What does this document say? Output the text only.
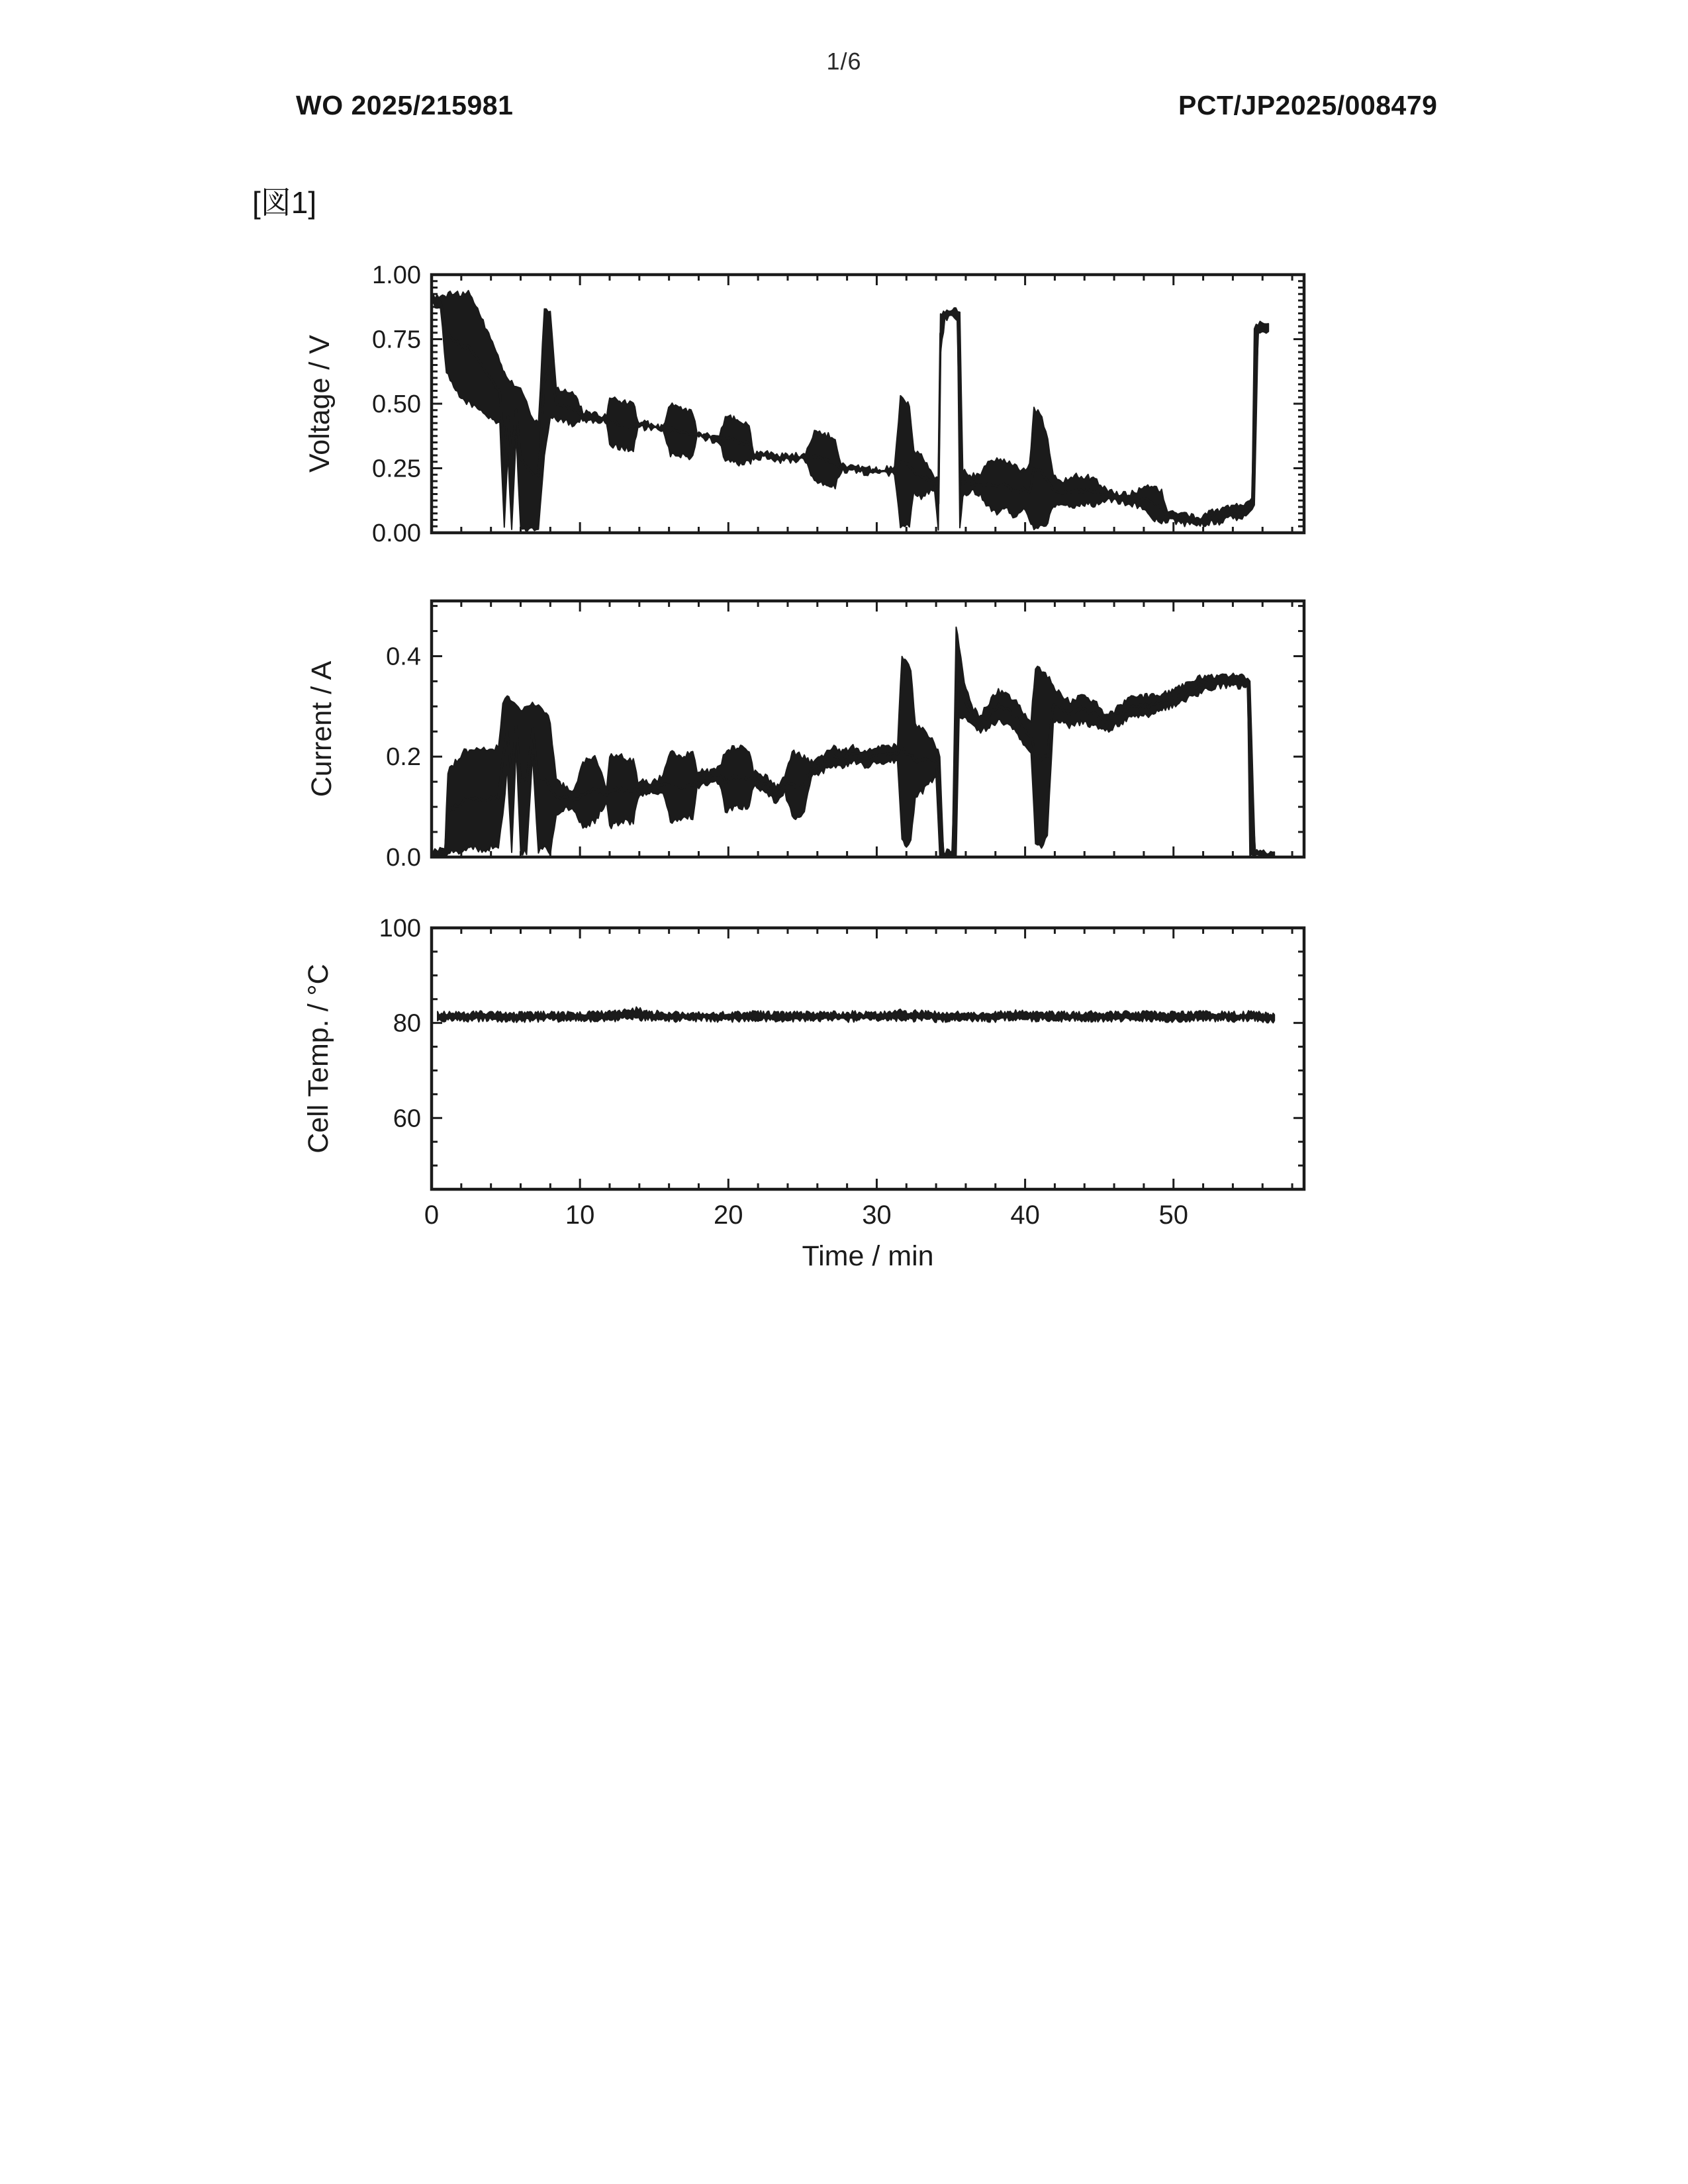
1/6
WO 2025/215981	PCT/JP2025/008479
[図1]
0.00
0.25
0.50
0.75
1.00
Voltage / V
0.0
0.2
0.4
Current / A
60
80
100
0	10	20	30	40	50
Time / min
Cell Temp. / °C
